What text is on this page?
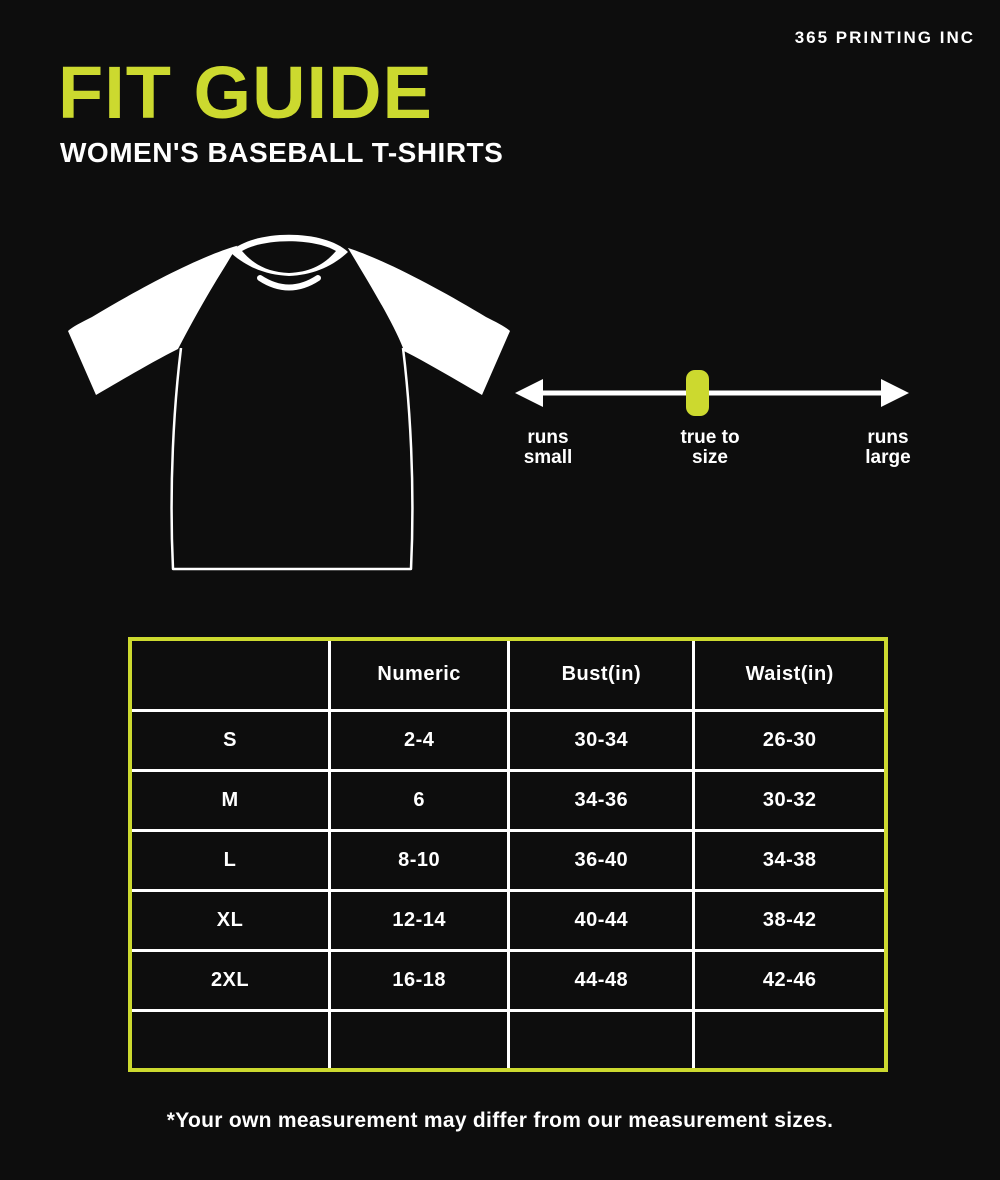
365 PRINTING INC
FIT GUIDE
WOMEN'S BASEBALL T-SHIRTS
runs small
true to size
runs large
	Numeric	Bust(in)	Waist(in)
S	2-4	30-34	26-30
M	6	34-36	30-32
L	8-10	36-40	34-38
XL	12-14	40-44	38-42
2XL	16-18	44-48	42-46

*Your own measurement may differ from our measurement sizes.
